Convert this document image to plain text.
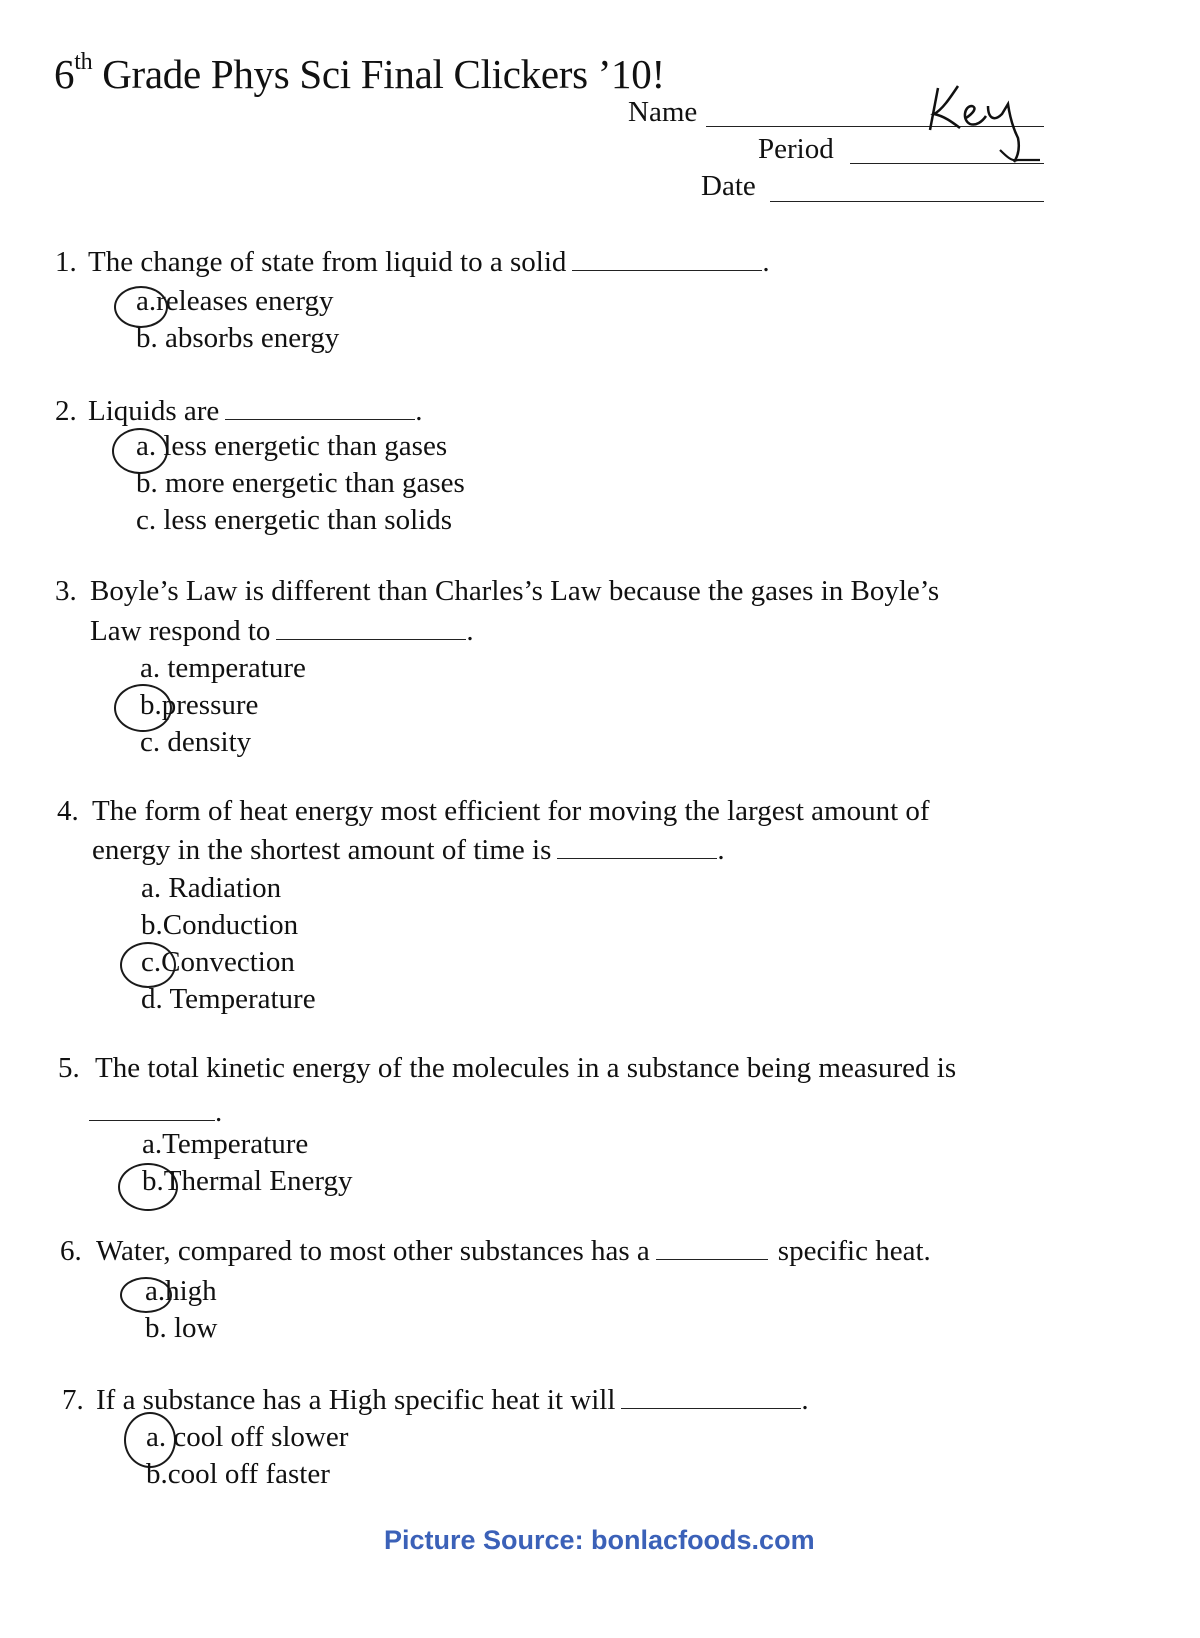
6th Grade Phys Sci Final Clickers ’10!
Name
Period
Date
1. The change of state from liquid to a solid	.
a.releases energy
b. absorbs energy
2. Liquids are	.
a. less energetic than gases
b. more energetic than gases
c. less energetic than solids
3. Boyle’s Law is different than Charles’s Law because the gases in Boyle’s
Law respond to	.
a. temperature
b.pressure
c. density
4. The form of heat energy most efficient for moving the largest amount of
energy in the shortest amount of time is	.
a. Radiation
b.Conduction
c.Convection
d. Temperature
5. The total kinetic energy of the molecules in a substance being measured is
.
a.Temperature
b.Thermal Energy
6. Water, compared to most other substances has a	specific heat.
a.high
b. low
7. If a substance has a High specific heat it will	.
a. cool off slower
b.cool off faster
Picture Source: bonlacfoods.com
